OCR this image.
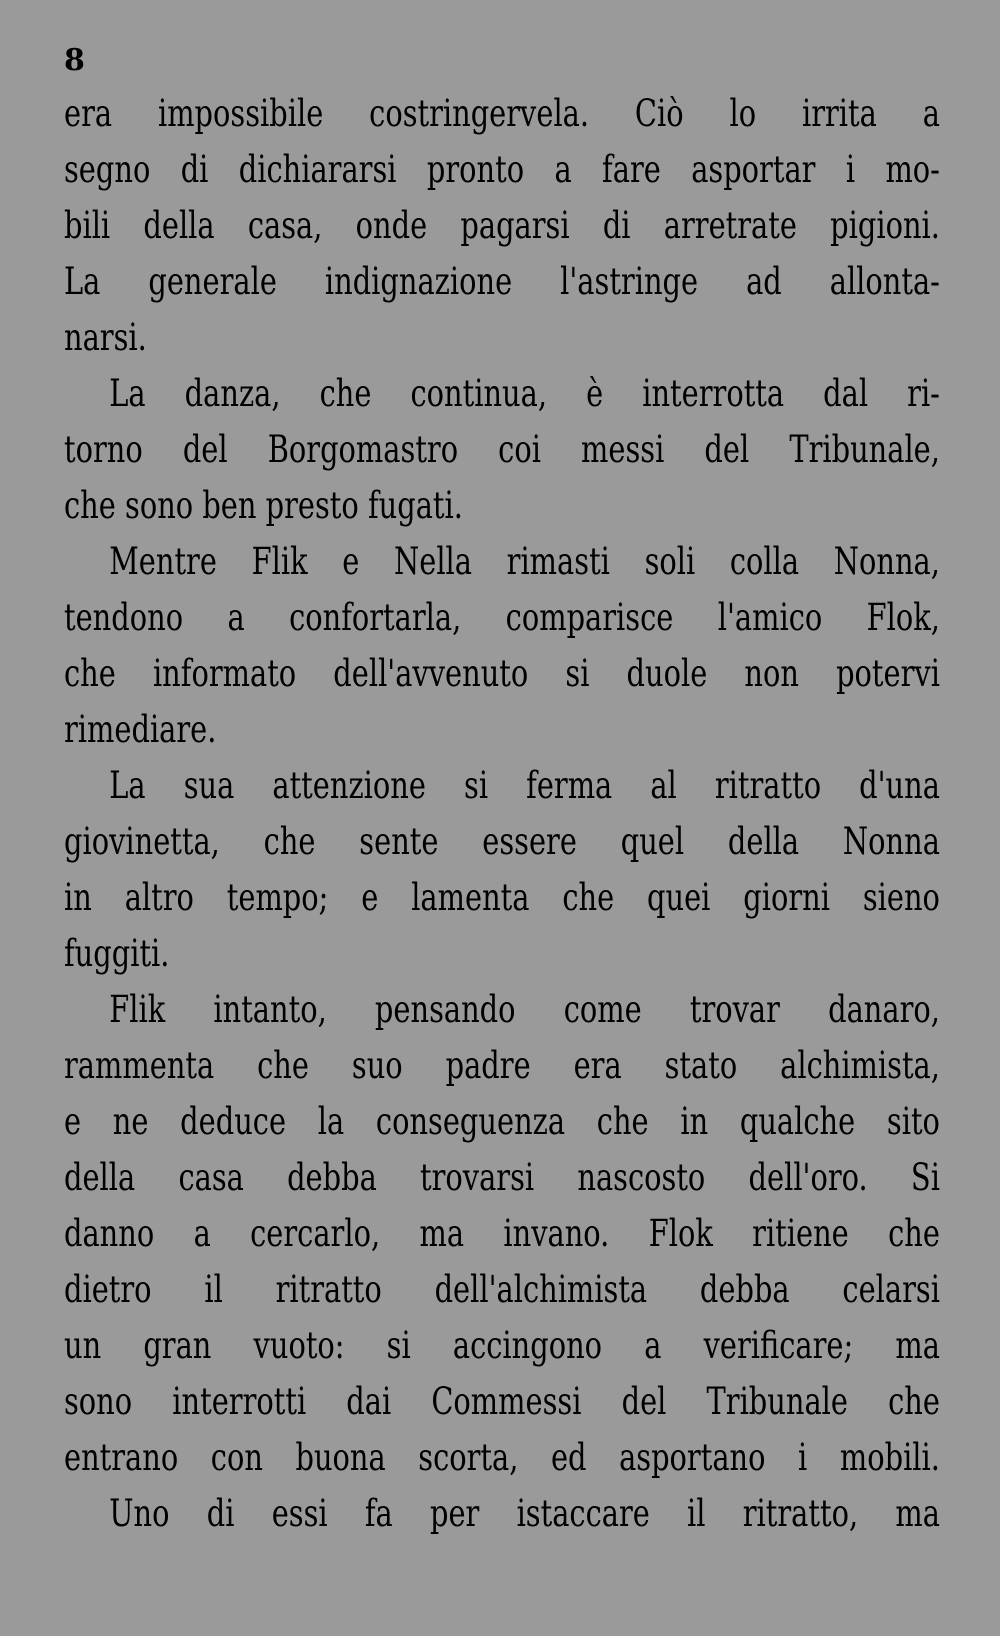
8
era impossibile costringervela. Ciò lo irrita a
segno di dichiararsi pronto a fare asportar i mo-
bili della casa, onde pagarsi di arretrate pigioni.
La generale indignazione l'astringe ad allonta-
narsi.
La danza, che continua, è interrotta dal ri-
torno del Borgomastro coi messi del Tribunale,
che sono ben presto fugati.
Mentre Flik e Nella rimasti soli colla Nonna,
tendono a confortarla, comparisce l'amico Flok,
che informato dell'avvenuto si duole non potervi
rimediare.
La sua attenzione si ferma al ritratto d'una
giovinetta, che sente essere quel della Nonna
in altro tempo; e lamenta che quei giorni sieno
fuggiti.
Flik intanto, pensando come trovar danaro,
rammenta che suo padre era stato alchimista,
e ne deduce la conseguenza che in qualche sito
della casa debba trovarsi nascosto dell'oro. Si
danno a cercarlo, ma invano. Flok ritiene che
dietro il ritratto dell'alchimista debba celarsi
un gran vuoto: si accingono a verificare; ma
sono interrotti dai Commessi del Tribunale che
entrano con buona scorta, ed asportano i mobili.
Uno di essi fa per istaccare il ritratto, ma
